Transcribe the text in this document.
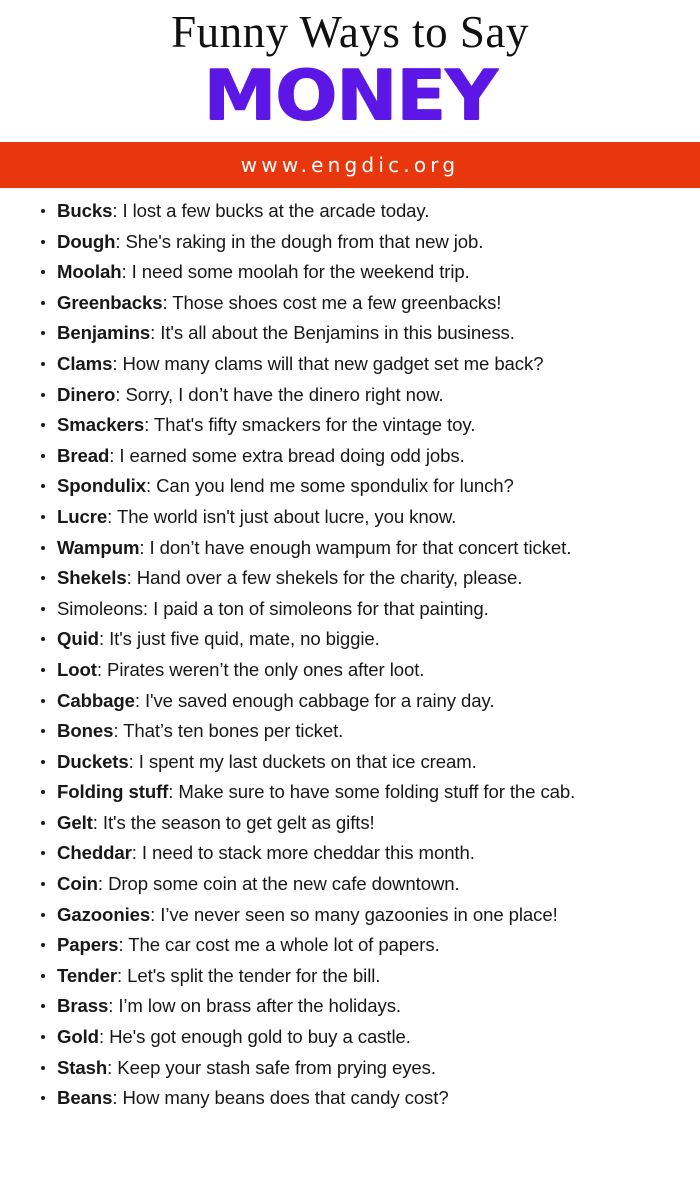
Funny Ways to Say
MONEY
www.engdic.org
Bucks: I lost a few bucks at the arcade today.
Dough: She's raking in the dough from that new job.
Moolah: I need some moolah for the weekend trip.
Greenbacks: Those shoes cost me a few greenbacks!
Benjamins: It's all about the Benjamins in this business.
Clams: How many clams will that new gadget set me back?
Dinero: Sorry, I don’t have the dinero right now.
Smackers: That's fifty smackers for the vintage toy.
Bread: I earned some extra bread doing odd jobs.
Spondulix: Can you lend me some spondulix for lunch?
Lucre: The world isn't just about lucre, you know.
Wampum: I don’t have enough wampum for that concert ticket.
Shekels: Hand over a few shekels for the charity, please.
Simoleons: I paid a ton of simoleons for that painting.
Quid: It's just five quid, mate, no biggie.
Loot: Pirates weren’t the only ones after loot.
Cabbage: I've saved enough cabbage for a rainy day.
Bones: That’s ten bones per ticket.
Duckets: I spent my last duckets on that ice cream.
Folding stuff: Make sure to have some folding stuff for the cab.
Gelt: It's the season to get gelt as gifts!
Cheddar: I need to stack more cheddar this month.
Coin: Drop some coin at the new cafe downtown.
Gazoonies: I’ve never seen so many gazoonies in one place!
Papers: The car cost me a whole lot of papers.
Tender: Let's split the tender for the bill.
Brass: I’m low on brass after the holidays.
Gold: He's got enough gold to buy a castle.
Stash: Keep your stash safe from prying eyes.
Beans: How many beans does that candy cost?
